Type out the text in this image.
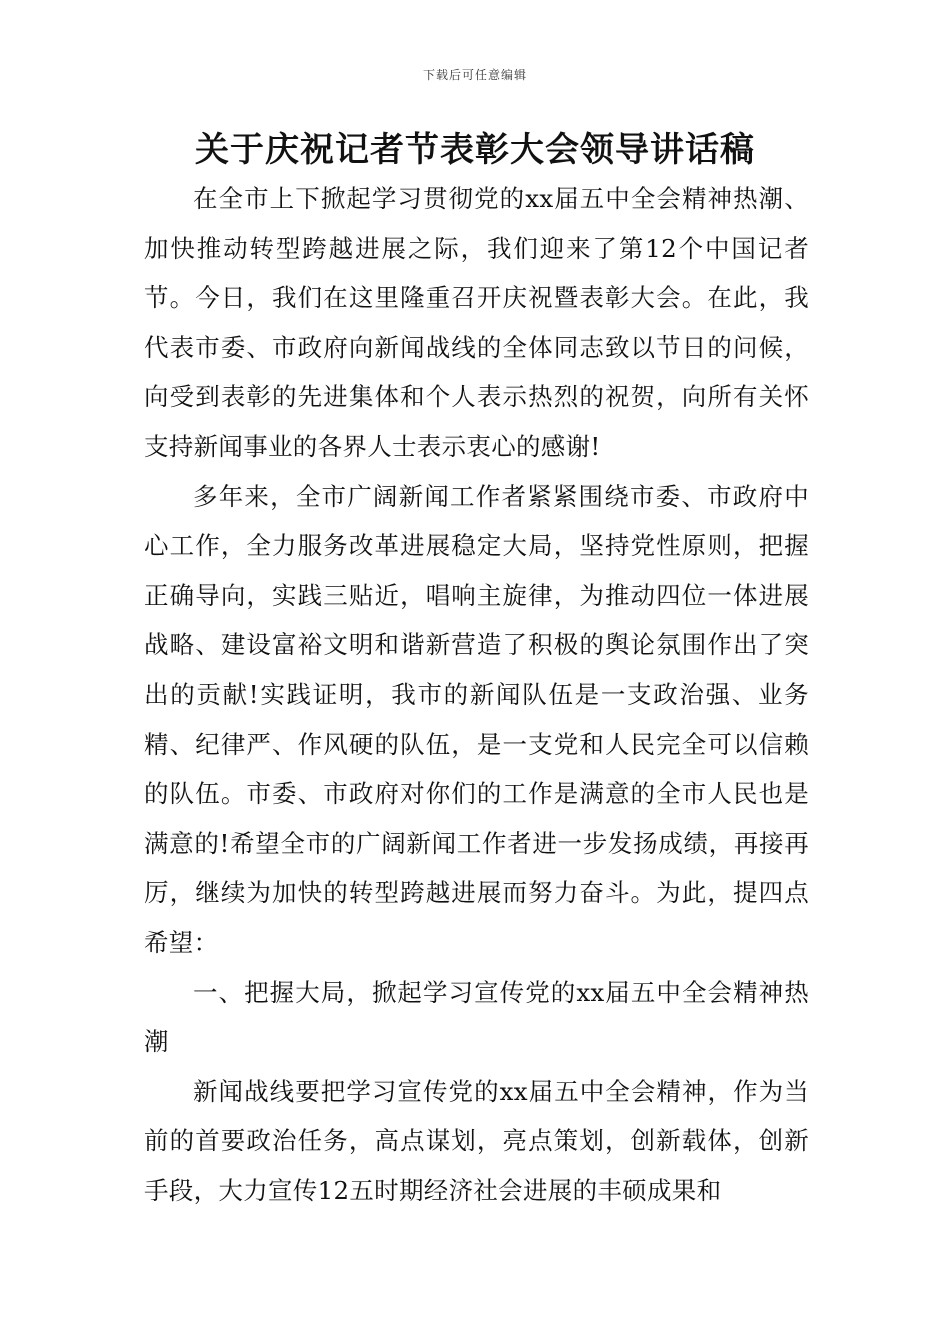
下载后可任意编辑
关于庆祝记者节表彰大会领导讲话稿

在全市上下掀起学习贯彻党的xx届五中全会精神热潮、加快推动转型跨越进展之际，我们迎来了第12个中国记者节。今日，我们在这里隆重召开庆祝暨表彰大会。在此，我代表市委、市政府向新闻战线的全体同志致以节日的问候，向受到表彰的先进集体和个人表示热烈的祝贺，向所有关怀支持新闻事业的各界人士表示衷心的感谢!

多年来，全市广阔新闻工作者紧紧围绕市委、市政府中心工作，全力服务改革进展稳定大局，坚持党性原则，把握正确导向，实践三贴近，唱响主旋律，为推动四位一体进展战略、建设富裕文明和谐新营造了积极的舆论氛围作出了突出的贡献!实践证明，我市的新闻队伍是一支政治强、业务精、纪律严、作风硬的队伍，是一支党和人民完全可以信赖的队伍。市委、市政府对你们的工作是满意的全市人民也是满意的!希望全市的广阔新闻工作者进一步发扬成绩，再接再厉，继续为加快的转型跨越进展而努力奋斗。为此，提四点希望：

一、把握大局，掀起学习宣传党的xx届五中全会精神热潮

新闻战线要把学习宣传党的xx届五中全会精神，作为当前的首要政治任务，高点谋划，亮点策划，创新载体，创新手段，大力宣传12五时期经济社会进展的丰硕成果和
